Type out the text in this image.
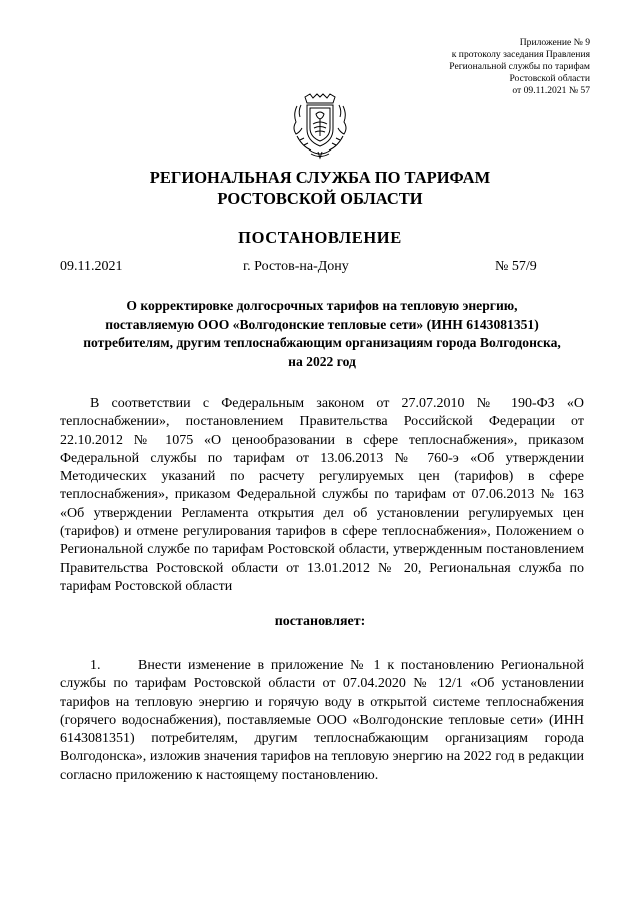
Приложение № 9
к протоколу заседания Правления
Региональной службы по тарифам
Ростовской области
от 09.11.2021 № 57
РЕГИОНАЛЬНАЯ СЛУЖБА ПО ТАРИФАМ
РОСТОВСКОЙ ОБЛАСТИ
ПОСТАНОВЛЕНИЕ
09.11.2021	г. Ростов-на-Дону	№ 57/9
О корректировке долгосрочных тарифов на тепловую энергию,
поставляемую ООО «Волгодонские тепловые сети» (ИНН 6143081351)
потребителям, другим теплоснабжающим организациям города Волгодонска,
на 2022 год
В соответствии с Федеральным законом от 27.07.2010 № 190-ФЗ «О теплоснабжении», постановлением Правительства Российской Федерации от 22.10.2012 № 1075 «О ценообразовании в сфере теплоснабжения», приказом Федеральной службы по тарифам от 13.06.2013 № 760-э «Об утверждении Методических указаний по расчету регулируемых цен (тарифов) в сфере теплоснабжения», приказом Федеральной службы по тарифам от 07.06.2013 № 163 «Об утверждении Регламента открытия дел об установлении регулируемых цен (тарифов) и отмене регулирования тарифов в сфере теплоснабжения», Положением о Региональной службе по тарифам Ростовской области, утвержденным постановлением Правительства Ростовской области от 13.01.2012 № 20, Региональная служба по тарифам Ростовской области
постановляет:
1.	Внести изменение в приложение № 1 к постановлению Региональной службы по тарифам Ростовской области от 07.04.2020 № 12/1 «Об установлении тарифов на тепловую энергию и горячую воду в открытой системе теплоснабжения (горячего водоснабжения), поставляемые ООО «Волгодонские тепловые сети» (ИНН 6143081351) потребителям, другим теплоснабжающим организациям города Волгодонска», изложив значения тарифов на тепловую энергию на 2022 год в редакции согласно приложению к настоящему постановлению.
